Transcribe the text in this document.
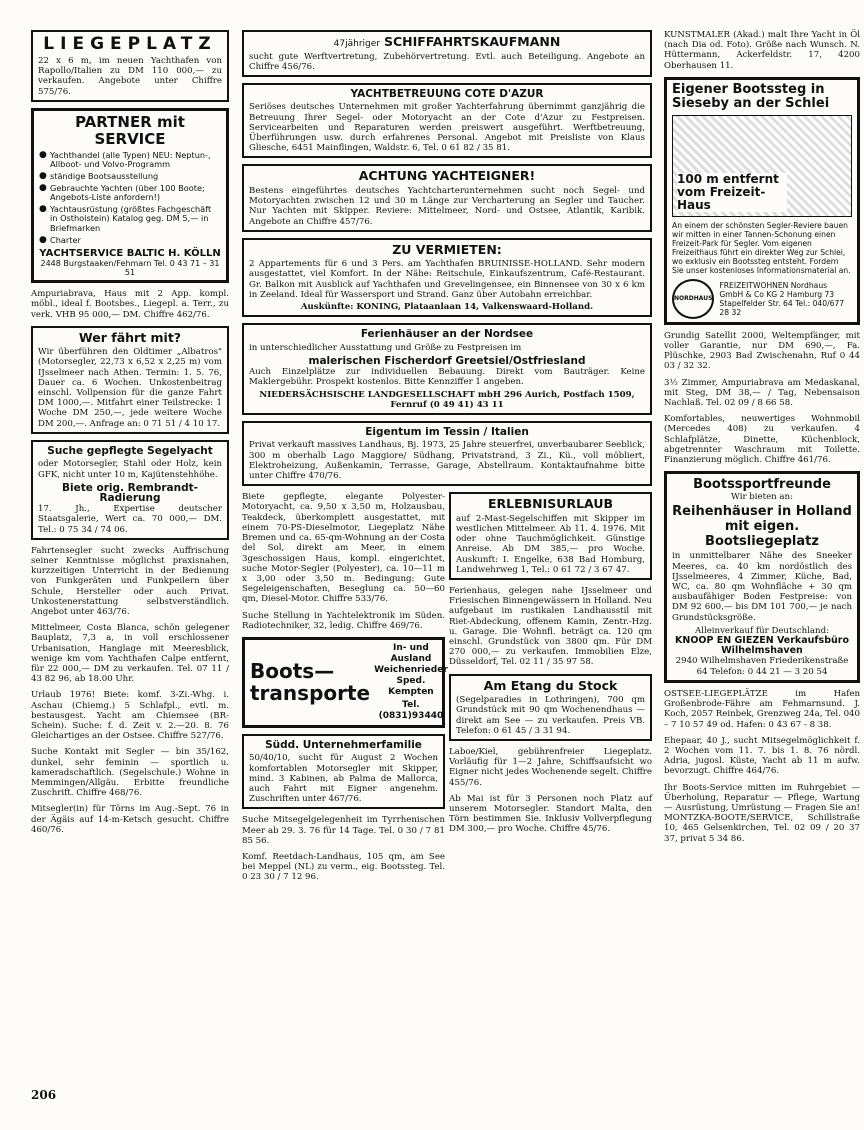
LIEGEPLATZ

22 x 6 m, im neuen Yachthafen von Rapollo/Italien zu DM 110 000,— zu verkaufen. Angebote unter Chiffre 575/76.

PARTNER mit SERVICE
● Yachthandel (alle Typen) NEU: Neptun-, Allboot- und Volvo-Programm
● ständige Bootsausstellung
● Gebrauchte Yachten (über 100 Boote; Angebots-Liste anfordern!)
● Yachtausrüstung (größtes Fachgeschäft in Ostholstein) Katalog geg. DM 5,— in Briefmarken
● Charter
YACHTSERVICE BALTIC H. KÖLLN
2448 Burgstaaken/Fehmarn Tel. 0 43 71 – 31 51
Ampuriabrava, Haus mit 2 App. kompl. möbl., ideal f. Bootsbes., Liegepl. a. Terr., zu verk. VHB 95 000,— DM. Chiffre 462/76.
Wer fährt mit?

Wir überführen den Oldtimer „Albatros" (Motorsegler, 22,73 x 6,52 x 2,25 m) vom IJsselmeer nach Athen. Termin: 1. 5. 76, Dauer ca. 6 Wochen. Unkostenbeitrag einschl. Vollpension für die ganze Fahrt DM 1000,—. Mitfahrt einer Teilstrecke: 1 Woche DM 250,—, jede weitere Woche DM 200,—. Anfrage an: 0 71 51 / 4 10 17.

Suche gepflegte Segelyacht

oder Motorsegler, Stahl oder Holz, kein GFK, nicht unter 10 m, Kajütenstehhöhe.

Biete orig. Rembrandt-Radierung

17. Jh., Expertise deutscher Staatsgalerie, Wert ca. 70 000,— DM. Tel.: 0 75 34 / 74 06.

Fahrtensegler sucht zwecks Auffrischung seiner Kenntnisse möglichst praxisnahen, kurzzeitigen Unterricht in der Bedienung von Funkgeräten und Funkpeilern über Schule, Hersteller oder auch Privat. Unkostenerstattung selbstverständlich. Angebot unter 463/76.
Mittelmeer, Costa Blanca, schön gelegener Bauplatz, 7,3 a, in voll erschlossener Urbanisation, Hanglage mit Meeresblick, wenige km vom Yachthafen Calpe entfernt, für 22 000,— DM zu verkaufen. Tel. 07 11 / 43 82 96, ab 18.00 Uhr.
Urlaub 1976! Biete: komf. 3-Zi.-Whg. i. Aschau (Chiemg.) 5 Schlafpl., evtl. m. bestausgest. Yacht am Chiemsee (BR-Schein). Suche: f. d. Zeit v. 2.—20. 8. 76 Gleichartiges an der Ostsee. Chiffre 527/76.
Suche Kontakt mit Segler — bin 35/162, dunkel, sehr feminin — sportlich u. kameradschaftlich. (Segelschule.) Wohne in Memmingen/Allgäu. Erbitte freundliche Zuschrift. Chiffre 468/76.
Mitsegler(in) für Törns im Aug.-Sept. 76 in der Ägäis auf 14-m-Ketsch gesucht. Chiffre 460/76.
47jähriger SCHIFFAHRTSKAUFMANN

sucht gute Werftvertretung, Zubehörvertretung. Evtl. auch Beteiligung. Angebote an Chiffre 456/76.

YACHTBETREUUNG COTE D'AZUR

Seriöses deutsches Unternehmen mit großer Yachterfahrung übernimmt ganzjährig die Betreuung Ihrer Segel- oder Motoryacht an der Cote d'Azur zu Festpreisen. Servicearbeiten und Reparaturen werden preiswert ausgeführt. Werftbetreuung, Überführungen usw. durch erfahrenes Personal. Angebot mit Preisliste von Klaus Gliesche, 6451 Mainflingen, Waldstr. 6, Tel. 0 61 82 / 35 81.

ACHTUNG YACHTEIGNER!

Bestens eingeführtes deutsches Yachtcharterunternehmen sucht noch Segel- und Motoryachten zwischen 12 und 30 m Länge zur Vercharterung an Segler und Taucher. Nur Yachten mit Skipper. Reviere: Mittelmeer, Nord- und Ostsee, Atlantik, Karibik. Angebote an Chiffre 457/76.

ZU VERMIETEN:

2 Appartements für 6 und 3 Pers. am Yachthafen BRUINISSE-HOLLAND. Sehr modern ausgestattet, viel Komfort. In der Nähe: Reitschule, Einkaufszentrum, Café-Restaurant. Gr. Balkon mit Ausblick auf Yachthafen und Grevelingensee, ein Binnensee von 30 x 6 km in Zeeland. Ideal für Wassersport und Strand. Ganz über Autobahn erreichbar.

Auskünfte: KONING, Plataanlaan 14, Valkenswaard-Holland.

Ferienhäuser an der Nordsee

in unterschiedlicher Ausstattung und Größe zu Festpreisen im

malerischen Fischerdorf Greetsiel/Ostfriesland

Auch Einzelplätze zur individuellen Bebauung. Direkt vom Bauträger. Keine Maklergebühr. Prospekt kostenlos. Bitte Kennziffer 1 angeben.

NIEDERSÄCHSISCHE LANDGESELLSCHAFT mbH 296 Aurich, Postfach 1509, Fernruf (0 49 41) 43 11

Eigentum im Tessin / Italien

Privat verkauft massives Landhaus, Bj. 1973, 25 Jahre steuerfrei, unverbaubarer Seeblick, 300 m oberhalb Lago Maggiore/ Südhang, Privatstrand, 3 Zi., Kü., voll möbliert, Elektroheizung, Außenkamin, Terrasse, Garage, Abstellraum. Kontaktaufnahme bitte unter Chiffre 470/76.

Biete gepflegte, elegante Polyester-Motoryacht, ca. 9,50 x 3,50 m, Holzausbau, Teakdeck, überkomplett ausgestattet, mit einem 70-PS-Dieselmotor, Liegeplatz Nähe Bremen und ca. 65-qm-Wohnung an der Costa del Sol, direkt am Meer, in einem 3geschossigen Haus, kompl. eingerichtet, suche Motor-Segler (Polyester), ca. 10—11 m x 3,00 oder 3,50 m. Bedingung: Gute Segeleigenschaften, Beseglung ca. 50—60 qm, Diesel-Motor. Chiffre 533/76.
Suche Stellung in Yachtelektronik im Süden. Radiotechniker, 32, ledig. Chiffre 469/76.
Boots—
transporte
In- und Ausland Weichenrieder Sped. Kempten
Tel.(0831)93440
Südd. Unternehmerfamilie

50/40/10, sucht für August 2 Wochen komfortablen Motorsegler mit Skipper, mind. 3 Kabinen, ab Palma de Mallorca, auch Fahrt mit Eigner angenehm. Zuschriften unter 467/76.

Suche Mitsegelgelegenheit im Tyrrhenischen Meer ab 29. 3. 76 für 14 Tage. Tel. 0 30 / 7 81 85 56.
Komf. Reetdach-Landhaus, 105 qm, am See bei Meppel (NL) zu verm., eig. Bootssteg. Tel. 0 23 30 / 7 12 96.
ERLEBNISURLAUB

auf 2-Mast-Segelschiffen mit Skipper im westlichen Mittelmeer. Ab 11. 4. 1976. Mit oder ohne Tauchmöglichkeit. Günstige Anreise. Ab DM 385,— pro Woche. Auskunft: I. Engelke, 638 Bad Homburg, Landwehrweg 1, Tel.: 0 61 72 / 3 67 47.

Ferienhaus, gelegen nahe IJsselmeer und Friesischen Binnengewässern in Holland. Neu aufgebaut im rustikalen Landhausstil mit Riet-Abdeckung, offenem Kamin, Zentr.-Hzg. u. Garage. Die Wohnfl. beträgt ca. 120 qm einschl. Grundstück von 3800 qm. Für DM 270 000,— zu verkaufen. Immobilien Elze, Düsseldorf, Tel. 02 11 / 35 97 58.
Am Etang du Stock

(Segelparadies in Lothringen), 700 qm Grundstück mit 90 qm Wochenendhaus — direkt am See — zu verkaufen. Preis VB. Telefon: 0 61 45 / 3 31 94.

Laboe/Kiel, gebührenfreier Liegeplatz. Vorläufig für 1—2 Jahre, Schiffsaufsicht wo Eigner nicht jedes Wochenende segelt. Chiffre 455/76.
Ab Mai ist für 3 Personen noch Platz auf unserem Motorsegler. Standort Malta, den Törn bestimmen Sie. Inklusiv Vollverpflegung DM 300,— pro Woche. Chiffre 45/76.
KUNSTMALER (Akad.) malt Ihre Yacht in Öl (nach Dia od. Foto). Größe nach Wunsch. N. Hüttermann, Ackerfeldstr. 17, 4200 Oberhausen 11.
Eigener Bootssteg in Sieseby an der Schlei
100 m entfernt vom Freizeit-Haus

An einem der schönsten Segler-Reviere bauen wir mitten in einer Tannen-Schonung einen Freizeit-Park für Segler. Vom eigenen Freizeithaus führt ein direkter Weg zur Schlei, wo exklusiv ein Bootssteg entsteht. Fordern Sie unser kostenloses Informationsmaterial an.

NORDHAUS
FREIZEITWOHNEN Nordhaus GmbH & Co KG 2 Hamburg 73 Stapelfelder Str. 64 Tel.: 040/677 28 32
Grundig Satellit 2000, Weltempfänger, mit voller Garantie, nur DM 690,—, Fa. Plüschke, 2903 Bad Zwischenahn, Ruf 0 44 03 / 32 32.
3½ Zimmer, Ampuriabrava am Medaskanal, mit Steg, DM 38,— / Tag, Nebensaison Nachlaß. Tel. 02 09 / 8 66 58.
Komfortables, neuwertiges Wohnmobil (Mercedes 408) zu verkaufen. 4 Schlafplätze, Dinette, Küchenblock, abgetrennter Waschraum mit Toilette. Finanzierung möglich. Chiffre 461/76.
Bootssportfreunde
Wir bieten an:
Reihenhäuser in Holland mit eigen. Bootsliegeplatz

in unmittelbarer Nähe des Sneeker Meeres, ca. 40 km nordöstlich des IJsselmeeres, 4 Zimmer, Küche, Bad, WC, ca. 80 qm Wohnfläche + 30 qm ausbaufähiger Boden Festpreise: von DM 92 600,— bis DM 101 700,— je nach Grundstücksgröße.

Alleinverkauf für Deutschland:
KNOOP EN GIEZEN Verkaufsbüro Wilhelmshaven
2940 Wilhelmshaven Friederikenstraße 64 Telefon: 0 44 21 — 3 20 54
OSTSEE-LIEGEPLÄTZE im Hafen Großenbrode-Fähre am Fehmarnsund. J. Koch, 2057 Reinbek, Grenzweg 24a, Tel. 040 – 7 10 57 49 od. Hafen: 0 43 67 - 8 38.
Ehepaar, 40 J., sucht Mitsegelmöglichkeit f. 2 Wochen vom 11. 7. bis 1. 8. 76 nördl. Adria, jugosl. Küste, Yacht ab 11 m aufw. bevorzugt. Chiffre 464/76.
Ihr Boots-Service mitten im Ruhrgebiet — Überholung, Reparatur — Pflege, Wartung — Ausrüstung, Umrüstung — Fragen Sie an! MONTZKA-BOOTE/SERVICE, Schillstraße 10, 465 Gelsenkirchen, Tel. 02 09 / 20 37 37, privat 5 34 86.
206
